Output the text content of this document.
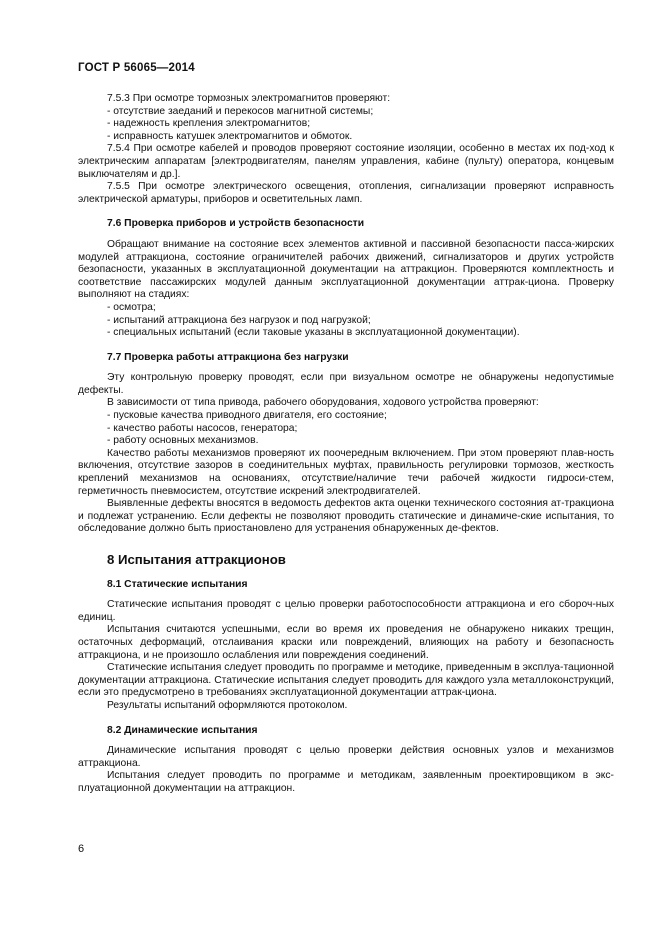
ГОСТ Р 56065—2014
7.5.3 При осмотре тормозных электромагнитов проверяют:
- отсутствие заеданий и перекосов магнитной системы;
- надежность крепления электромагнитов;
- исправность катушек электромагнитов и обмоток.
7.5.4 При осмотре кабелей и проводов проверяют состояние изоляции, особенно в местах их под-ход к электрическим аппаратам [электродвигателям, панелям управления, кабине (пульту) оператора, концевым выключателям и др.].
7.5.5 При осмотре электрического освещения, отопления, сигнализации проверяют исправность электрической арматуры, приборов и осветительных ламп.
7.6 Проверка приборов и устройств безопасности
Обращают внимание на состояние всех элементов активной и пассивной безопасности пасса-жирских модулей аттракциона, состояние ограничителей рабочих движений, сигнализаторов и других устройств безопасности, указанных в эксплуатационной документации на аттракцион. Проверяются комплектность и соответствие пассажирских модулей данным эксплуатационной документации аттрак-циона. Проверку выполняют на стадиях:
- осмотра;
- испытаний аттракциона без нагрузок и под нагрузкой;
- специальных испытаний (если таковые указаны в эксплуатационной документации).
7.7 Проверка работы аттракциона без нагрузки
Эту контрольную проверку проводят, если при визуальном осмотре не обнаружены недопустимые дефекты.
В зависимости от типа привода, рабочего оборудования, ходового устройства проверяют:
- пусковые качества приводного двигателя, его состояние;
- качество работы насосов, генератора;
- работу основных механизмов.
Качество работы механизмов проверяют их поочередным включением. При этом проверяют плав-ность включения, отсутствие зазоров в соединительных муфтах, правильность регулировки тормозов, жесткость креплений механизмов на основаниях, отсутствие/наличие течи рабочей жидкости гидроси-стем, герметичность пневмосистем, отсутствие искрений электродвигателей.
Выявленные дефекты вносятся в ведомость дефектов акта оценки технического состояния ат-тракциона и подлежат устранению. Если дефекты не позволяют проводить статические и динамиче-ские испытания, то обследование должно быть приостановлено для устранения обнаруженных де-фектов.
8 Испытания аттракционов
8.1 Статические испытания
Статические испытания проводят с целью проверки работоспособности аттракциона и его сбороч-ных единиц.
Испытания считаются успешными, если во время их проведения не обнаружено никаких трещин, остаточных деформаций, отслаивания краски или повреждений, влияющих на работу и безопасность аттракциона, и не произошло ослабления или повреждения соединений.
Статические испытания следует проводить по программе и методике, приведенным в эксплуа-тационной документации аттракциона. Статические испытания следует проводить для каждого узла металлоконструкций, если это предусмотрено в требованиях эксплуатационной документации аттрак-циона.
Результаты испытаний оформляются протоколом.
8.2 Динамические испытания
Динамические испытания проводят с целью проверки действия основных узлов и механизмов аттракциона.
Испытания следует проводить по программе и методикам, заявленным проектировщиком в экс-плуатационной документации на аттракцион.
6
